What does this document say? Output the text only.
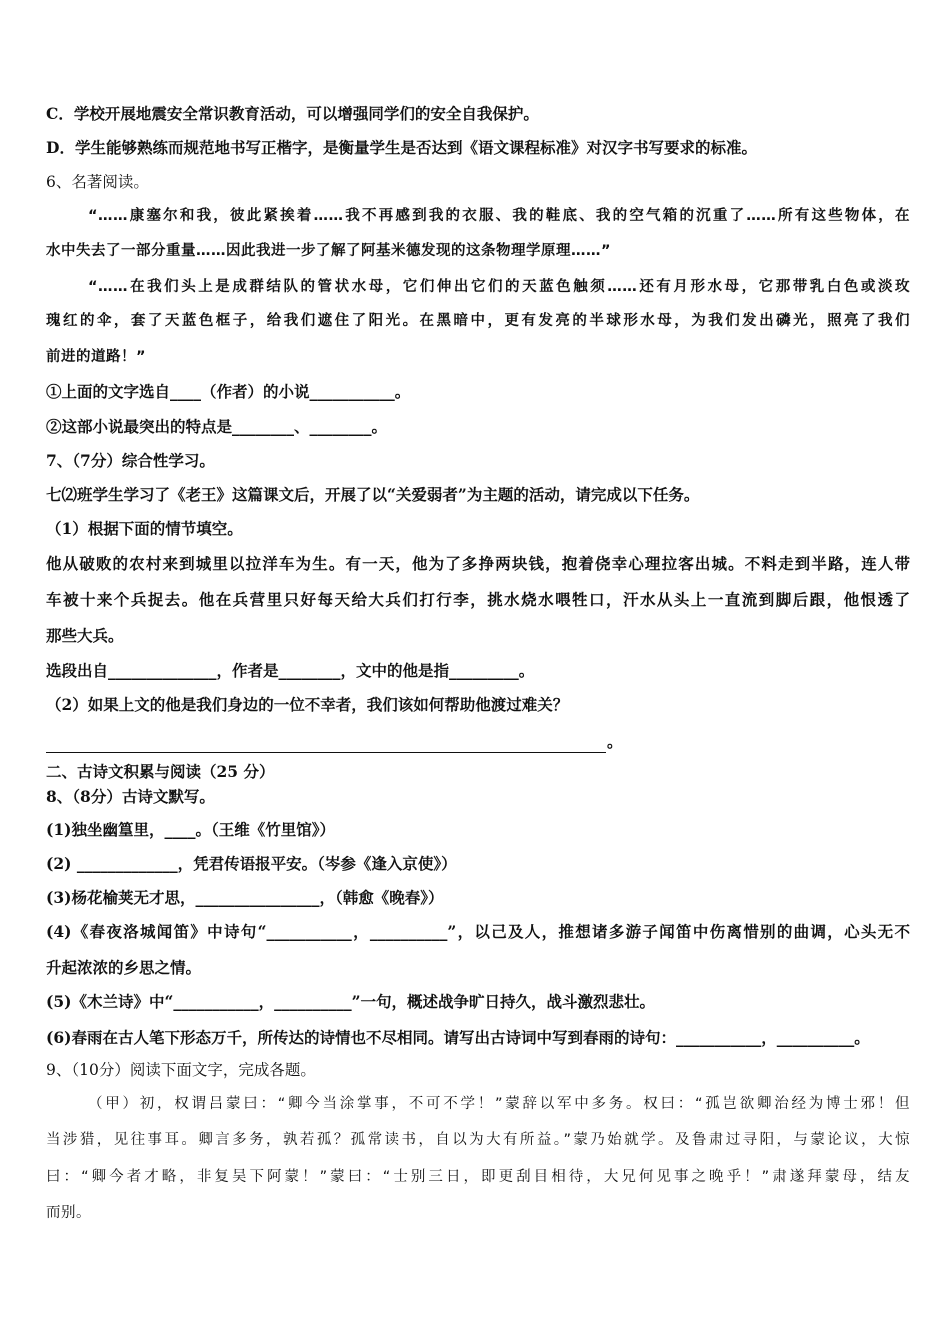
C．学校开展地震安全常识教育活动，可以增强同学们的安全自我保护。
D．学生能够熟练而规范地书写正楷字，是衡量学生是否达到《语文课程标准》对汉字书写要求的标准。
6、名著阅读。
“……康塞尔和我，彼此紧挨着……我不再感到我的衣服、我的鞋底、我的空气箱的沉重了……所有这些物体，在
水中失去了一部分重量……因此我进一步了解了阿基米德发现的这条物理学原理……”
“……在我们头上是成群结队的管状水母，它们伸出它们的天蓝色触须……还有月形水母，它那带乳白色或淡玫
瑰红的伞，套了天蓝色框子，给我们遮住了阳光。在黑暗中，更有发亮的半球形水母，为我们发出磷光，照亮了我们
前进的道路！”
①上面的文字选自____（作者）的小说___________。
②这部小说最突出的特点是________、________。
7、（7分）综合性学习。
七⑵班学生学习了《老王》这篇课文后，开展了以“关爱弱者”为主题的活动，请完成以下任务。
（1）根据下面的情节填空。
他从破败的农村来到城里以拉洋车为生。有一天，他为了多挣两块钱，抱着侥幸心理拉客出城。不料走到半路，连人带
车被十来个兵捉去。他在兵营里只好每天给大兵们打行李，挑水烧水喂牲口，汗水从头上一直流到脚后跟，他恨透了
那些大兵。
选段出自______________，作者是________，文中的他是指_________。
（2）如果上文的他是我们身边的一位不幸者，我们该如何帮助他渡过难关？
。
二、古诗文积累与阅读（25 分）
8、（8分）古诗文默写。
(1)独坐幽篁里，____。（王维《竹里馆》）
(2) _____________，凭君传语报平安。（岑参《逢入京使》）
(3)杨花榆荚无才思，________________，（韩愈《晚春》）
(4)《春夜洛城闻笛》中诗句“___________，__________”，以己及人，推想诸多游子闻笛中伤离惜别的曲调，心头无不
升起浓浓的乡思之情。
(5)《木兰诗》中“___________，__________”一句，概述战争旷日持久，战斗激烈悲壮。
(6)春雨在古人笔下形态万千，所传达的诗情也不尽相同。请写出古诗词中写到春雨的诗句：___________，__________。
9、（10分）阅读下面文字，完成各题。
（甲）初，权谓吕蒙曰：“卿今当涂掌事，不可不学！”蒙辞以军中多务。权曰：“孤岂欲卿治经为博士邪！但
当涉猎，见往事耳。卿言多务，孰若孤？孤常读书，自以为大有所益。”蒙乃始就学。及鲁肃过寻阳，与蒙论议，大惊
曰：“卿今者才略，非复吴下阿蒙！”蒙曰：“士别三日，即更刮目相待，大兄何见事之晚乎！”肃遂拜蒙母，结友
而别。
